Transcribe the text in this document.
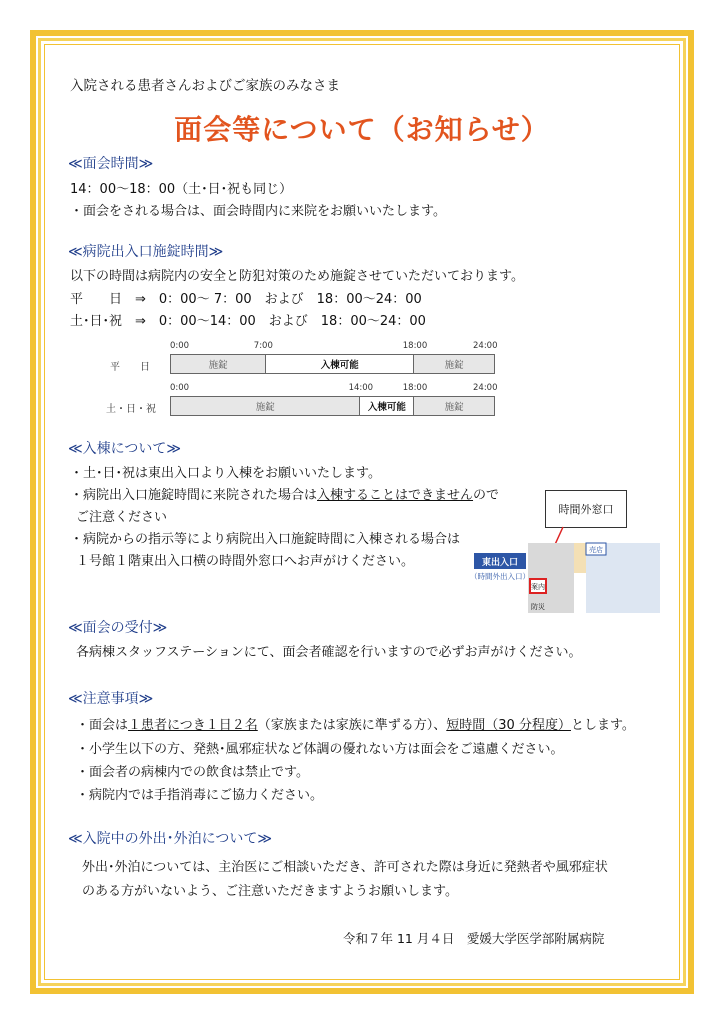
入院される患者さんおよびご家族のみなさま
面会等について（お知らせ）
≪面会時間≫
14：00～18：00（土･日･祝も同じ）
・面会をされる場合は、面会時間内に来院をお願いいたします。
≪病院出入口施錠時間≫
以下の時間は病院内の安全と防犯対策のため施錠させていただいております。
平　　日　⇒　0：00～ 7：00　および　18：00～24：00
土･日･祝　⇒　0：00～14：00　および　18：00～24：00
平　　日
土・日・祝
施錠	入棟可能	施錠
施錠	入棟可能	施錠
0:00	7:00	18:00	24:00
0:00	14:00	18:00	24:00
≪入棟について≫
・土･日･祝は東出入口より入棟をお願いいたします。
・病院出入口施錠時間に来院された場合は入棟することはできませんので
ご注意ください
・病院からの指示等により病院出入口施錠時間に入棟される場合は
１号館１階東出入口横の時間外窓口へお声がけください。
時間外窓口
東出入口
（時間外出入口）
案内
防災
売店
≪面会の受付≫
各病棟スタッフステーションにて、面会者確認を行いますので必ずお声がけください。
≪注意事項≫
・面会は１患者につき１日２名（家族または家族に準ずる方）、短時間（30 分程度）とします。
・小学生以下の方、発熱･風邪症状など体調の優れない方は面会をご遠慮ください。
・面会者の病棟内での飲食は禁止です。
・病院内では手指消毒にご協力ください。
≪入院中の外出･外泊について≫
外出･外泊については、主治医にご相談いただき、許可された際は身近に発熱者や風邪症状
のある方がいないよう、ご注意いただきますようお願いします。
令和７年 11 月４日　愛媛大学医学部附属病院
